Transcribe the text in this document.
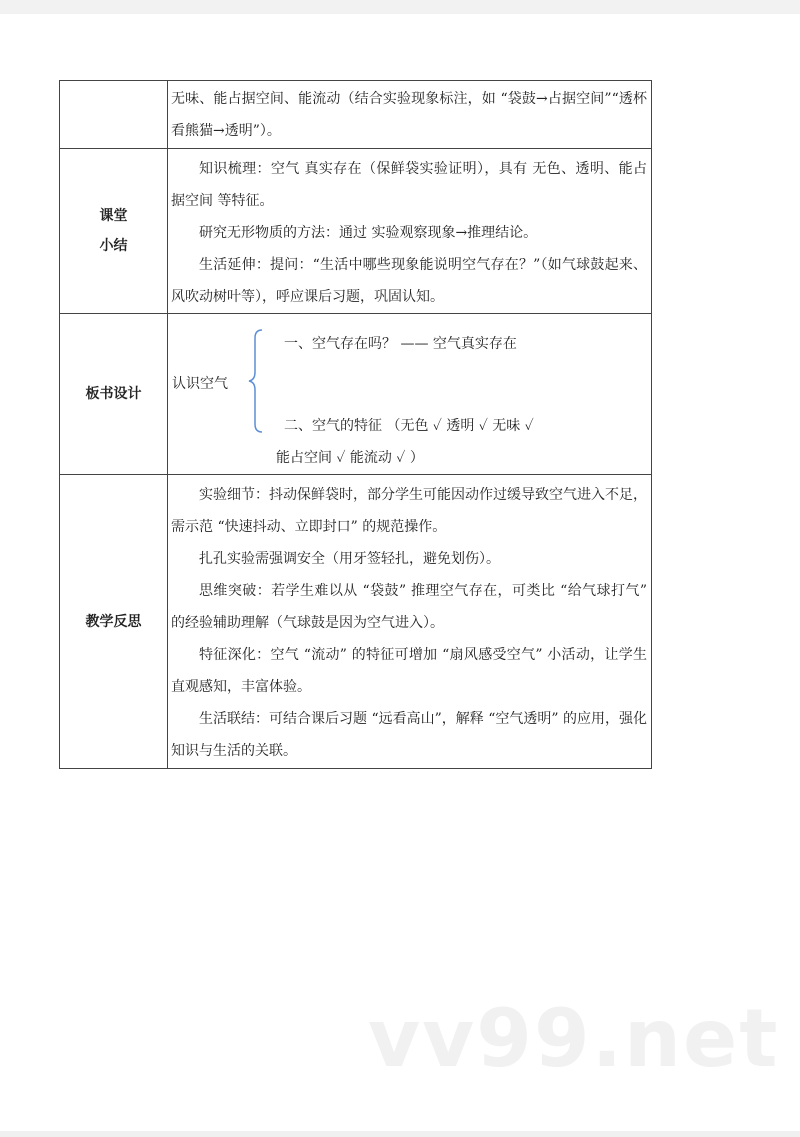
无味、能占据空间、能流动（结合实验现象标注，如 “袋鼓→占据空间”“透杯看熊猫→透明”）。

课堂
小结

知识梳理：空气 真实存在（保鲜袋实验证明），具有 无色、透明、能占据空间 等特征。

研究无形物质的方法：通过 实验观察现象→推理结论。

生活延伸：提问：“生活中哪些现象能说明空气存在？”（如气球鼓起来、风吹动树叶等），呼应课后习题，巩固认知。

板书设计
认识空气
一、空气存在吗？ —— 空气真实存在
二、空气的特征 （无色 ✓ 透明 ✓ 无味 ✓
能占空间 ✓ 能流动 ✓ ）
教学反思

实验细节：抖动保鲜袋时，部分学生可能因动作过缓导致空气进入不足，需示范 “快速抖动、立即封口” 的规范操作。

扎孔实验需强调安全（用牙签轻扎，避免划伤）。

思维突破：若学生难以从 “袋鼓” 推理空气存在，可类比 “给气球打气” 的经验辅助理解（气球鼓是因为空气进入）。

特征深化：空气 “流动” 的特征可增加 “扇风感受空气” 小活动，让学生直观感知，丰富体验。

生活联结：可结合课后习题 “远看高山”，解释 “空气透明” 的应用，强化知识与生活的关联。

vv99.net
